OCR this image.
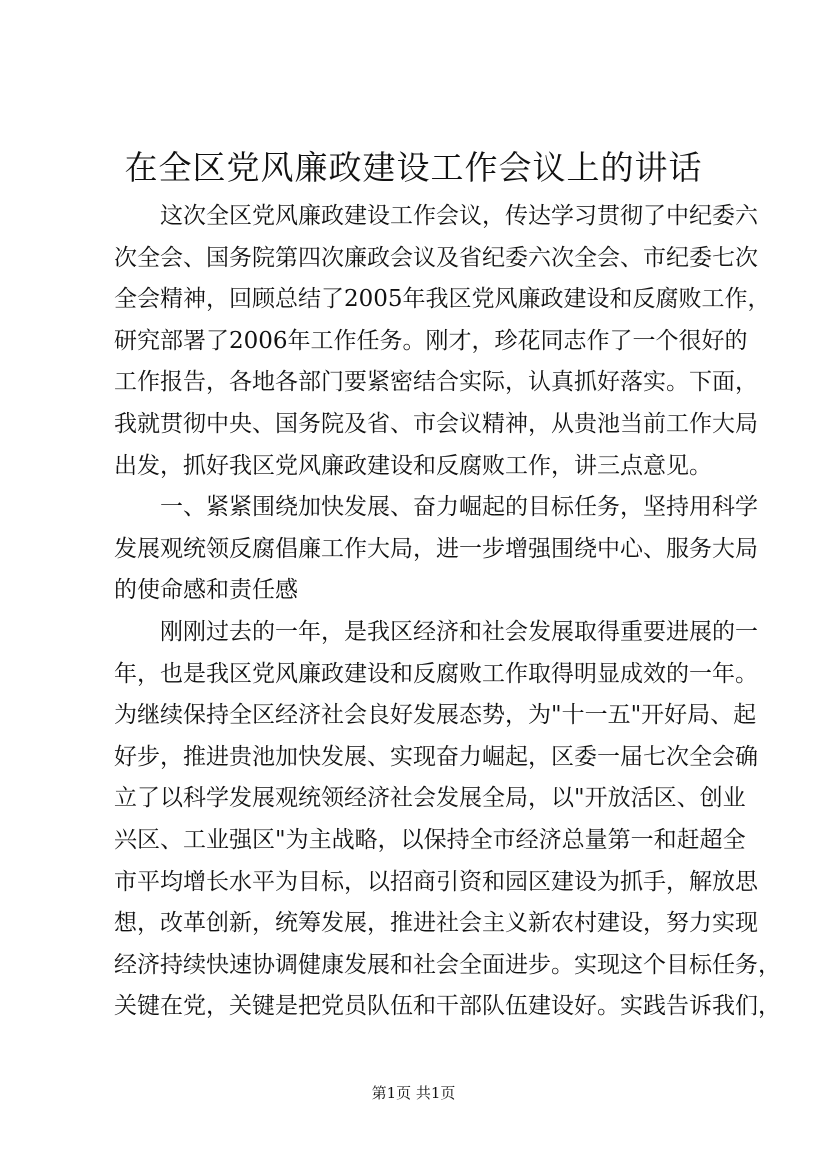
在全区党风廉政建设工作会议上的讲话

这次全区党风廉政建设工作会议，传达学习贯彻了中纪委六
次全会、国务院第四次廉政会议及省纪委六次全会、市纪委七次
全会精神，回顾总结了2005年我区党风廉政建设和反腐败工作，
研究部署了2006年工作任务。刚才，珍花同志作了一个很好的
工作报告，各地各部门要紧密结合实际，认真抓好落实。下面，
我就贯彻中央、国务院及省、市会议精神，从贵池当前工作大局
出发，抓好我区党风廉政建设和反腐败工作，讲三点意见。

一、紧紧围绕加快发展、奋力崛起的目标任务，坚持用科学
发展观统领反腐倡廉工作大局，进一步增强围绕中心、服务大局
的使命感和责任感

刚刚过去的一年，是我区经济和社会发展取得重要进展的一
年，也是我区党风廉政建设和反腐败工作取得明显成效的一年。
为继续保持全区经济社会良好发展态势，为"十一五"开好局、起
好步，推进贵池加快发展、实现奋力崛起，区委一届七次全会确
立了以科学发展观统领经济社会发展全局，以"开放活区、创业
兴区、工业强区"为主战略，以保持全市经济总量第一和赶超全
市平均增长水平为目标，以招商引资和园区建设为抓手，解放思
想，改革创新，统筹发展，推进社会主义新农村建设，努力实现
经济持续快速协调健康发展和社会全面进步。实现这个目标任务，
关键在党，关键是把党员队伍和干部队伍建设好。实践告诉我们，

第1页 共1页
